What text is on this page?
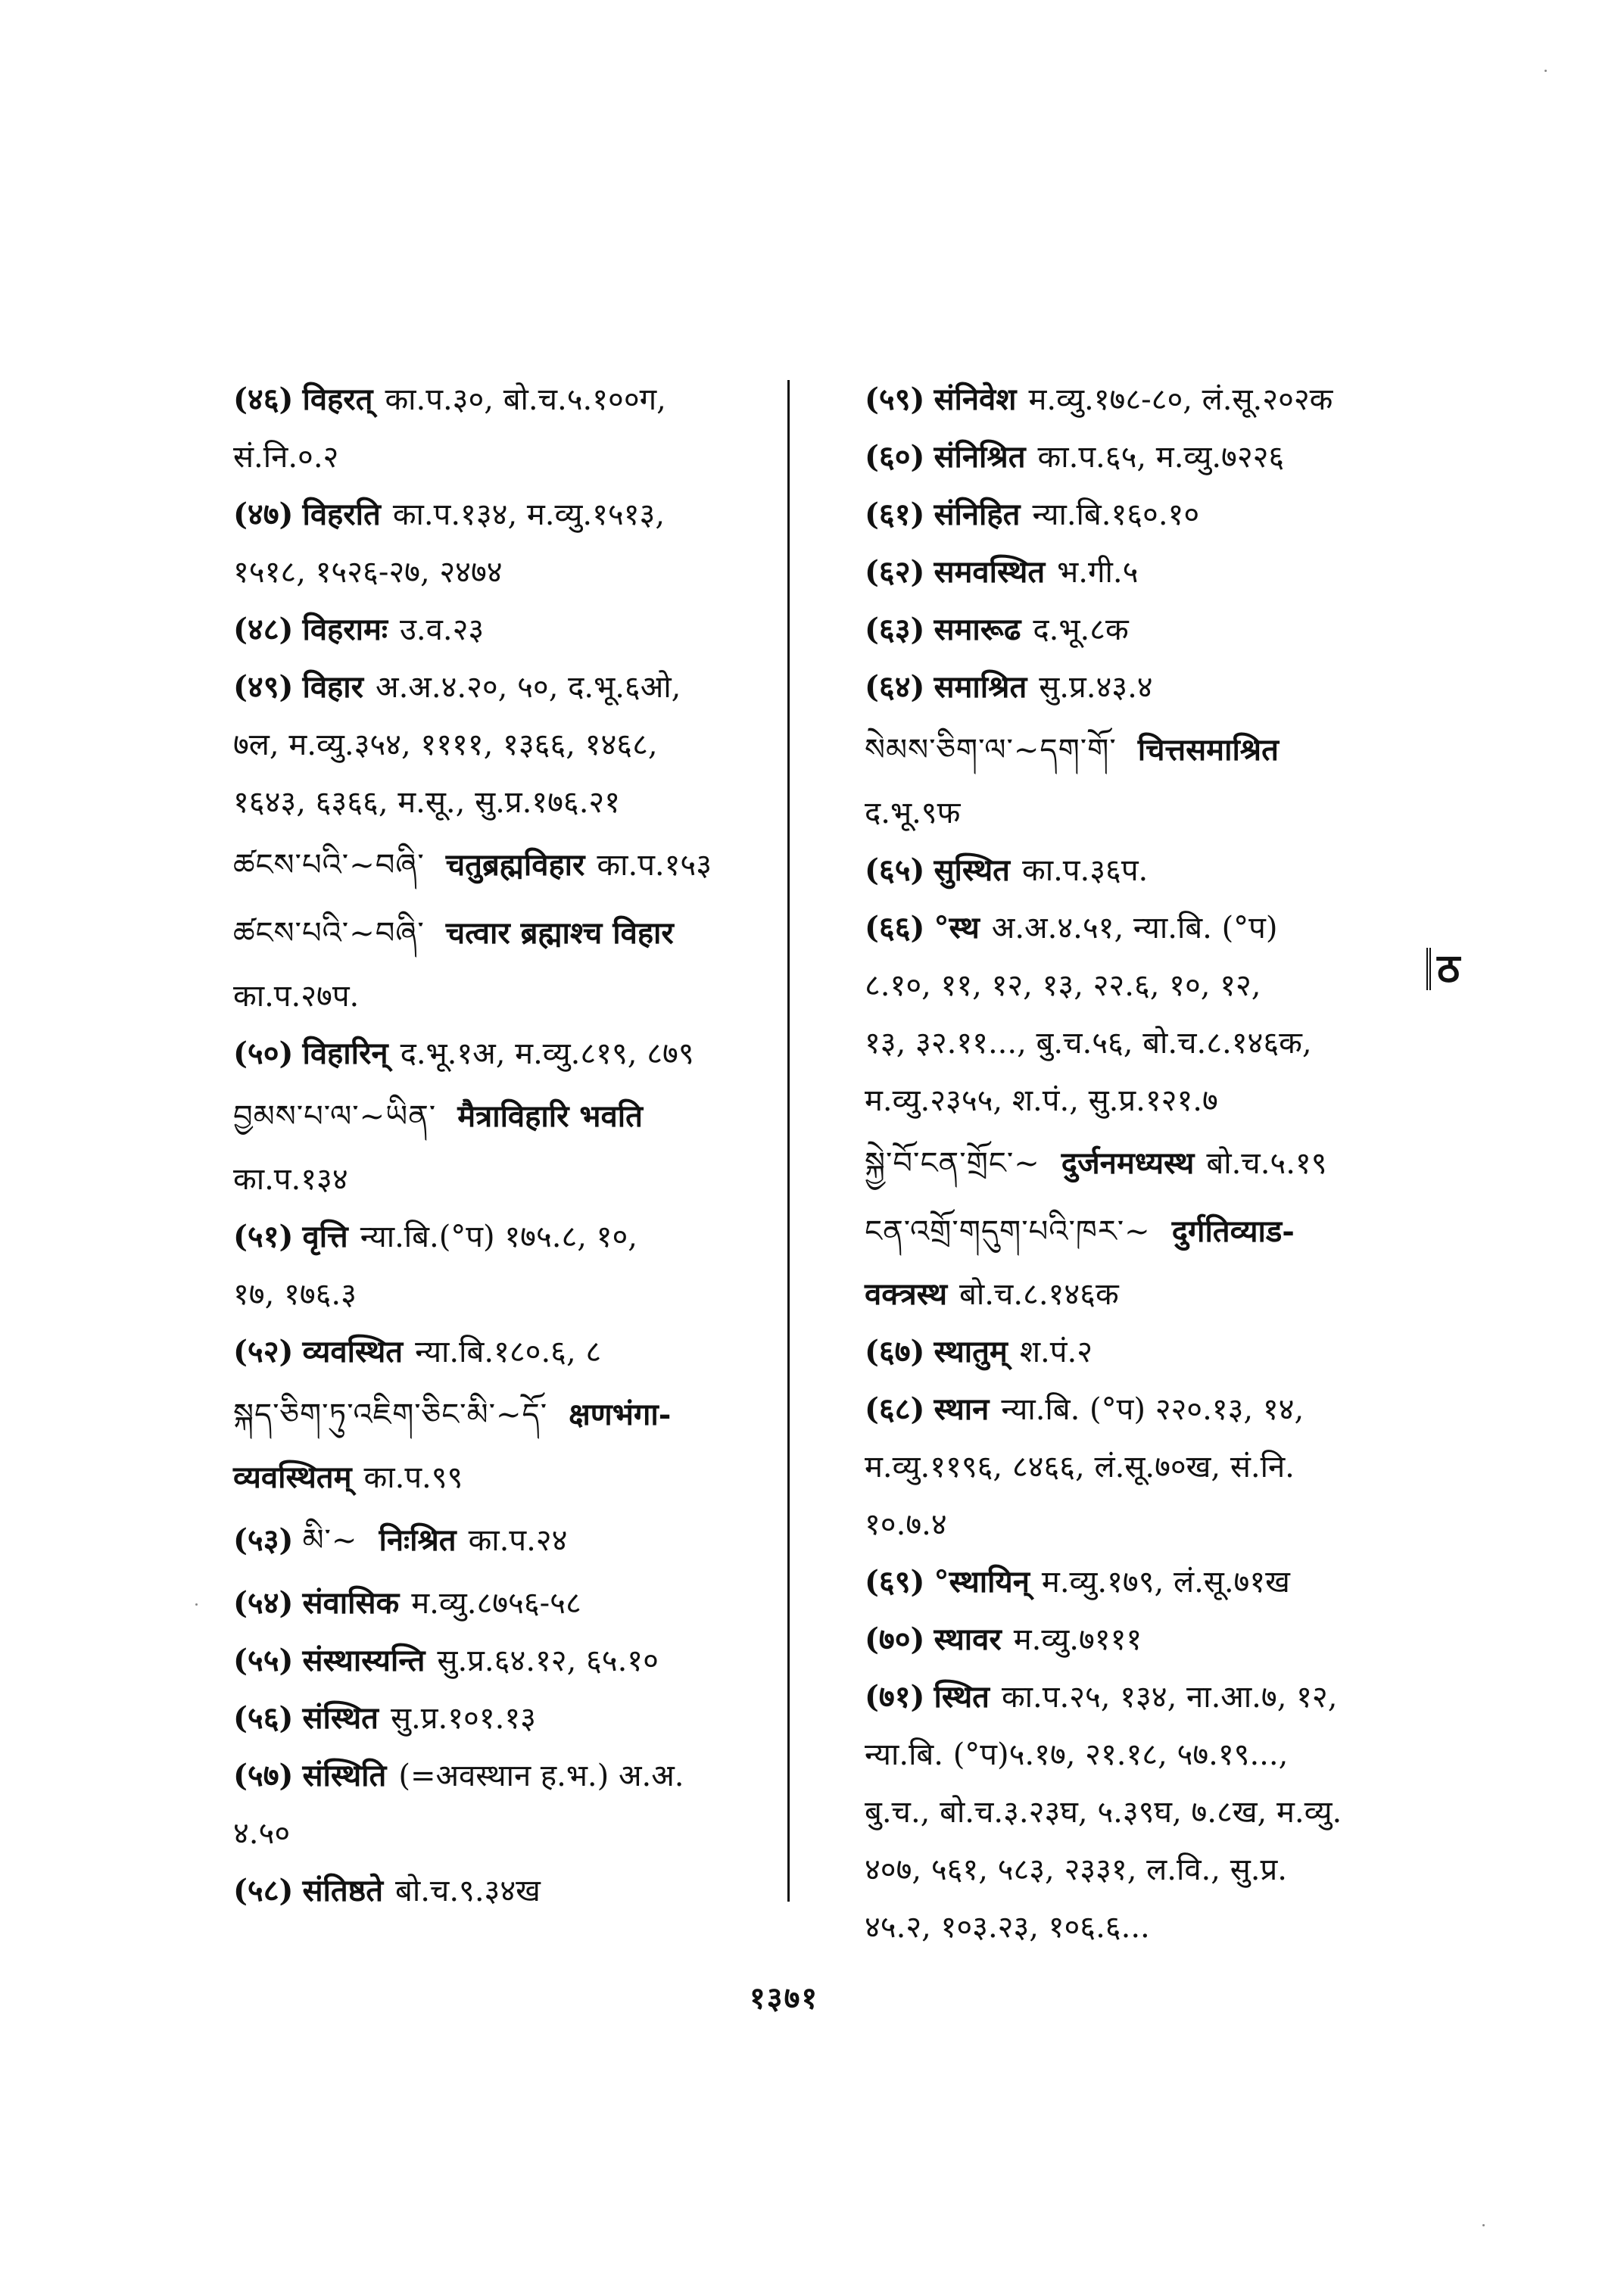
(४६) विहरत् का.प.३०, बो.च.५.१००ग,
सं.नि.०.२
(४७) विहरति का.प.१३४, म.व्यु.१५१३,
१५१८, १५२६-२७, २४७४
(४८) विहरामः उ.व.२३
(४९) विहार अ.अ.४.२०, ५०, द.भू.६ओ,
७ल, म.व्यु.३५४, ११११, १३६६, १४६८,
१६४३, ६३६६, म.सू., सु.प्र.१७६.२१
ཚངས་པའི་~བཞི་ चतुब्रह्मविहार का.प.१५३
ཚངས་པའི་~བཞི་ चत्वार ब्रह्माश्च विहार
का.प.२७प.
(५०) विहारिन् द.भू.१अ, म.व्यु.८१९, ८७९
བྱམས་པ་ལ་~ཡིན་ मैत्राविहारि भवति
का.प.१३४
(५१) वृत्ति न्या.बि.(°प) १७५.८, १०,
१७, १७६.३
(५२) व्यवस्थित न्या.बि.१८०.६, ८
སྐད་ཅིག་ཏུ་འཇིག་ཅིང་མི་~དོ་ क्षणभंगा-
व्यवस्थितम् का.प.९९
(५३) མི་~ निःश्रित का.प.२४
(५४) संवासिक म.व्यु.८७५६-५८
(५५) संस्थास्यन्ति सु.प्र.६४.१२, ६५.१०
(५६) संस्थित सु.प्र.१०१.१३
(५७) संस्थिति (=अवस्थान ह.भ.) अ.अ.
४.५०
(५८) संतिष्ठते बो.च.९.३४ख
(५९) संनिवेश म.व्यु.१७८-८०, लं.सू.२०२क
(६०) संनिश्रित का.प.६५, म.व्यु.७२२६
(६१) संनिहित न्या.बि.१६०.१०
(६२) समवस्थित भ.गी.५
(६३) समारूढ द.भू.८क
(६४) समाश्रित सु.प्र.४३.४
སེམས་ཅིག་ལ་~དག་གོ་ चित्तसमाश्रित
द.भू.९फ
(६५) सुस्थित का.प.३६प.
(६६) °स्थ अ.अ.४.५१, न्या.बि. (°प)
८.१०, ११, १२, १३, २२.६, १०, १२,
१३, ३२.११..., बु.च.५६, बो.च.८.१४६क,
म.व्यु.२३५५, श.पं., सु.प्र.१२१.७
སྐྱེ་བོ་ངན་གྲོང་~ दुर्जनमध्यस्थ बो.च.५.१९
ངན་འགྲོ་གདུག་པའི་ཁར་~ दुर्गतिव्याड-
वक्त्रस्थ बो.च.८.१४६क
(६७) स्थातुम् श.पं.२
(६८) स्थान न्या.बि. (°प) २२०.१३, १४,
म.व्यु.११९६, ८४६६, लं.सू.७०ख, सं.नि.
१०.७.४
(६९) °स्थायिन् म.व्यु.१७९, लं.सू.७१ख
(७०) स्थावर म.व्यु.७१११
(७१) स्थित का.प.२५, १३४, ना.आ.७, १२,
न्या.बि. (°प)५.१७, २१.१८, ५७.१९...,
बु.च., बो.च.३.२३घ, ५.३९घ, ७.८ख, म.व्यु.
४०७, ५६१, ५८३, २३३१, ल.वि., सु.प्र.
४५.२, १०३.२३, १०६.६...
ठ
१३७१
